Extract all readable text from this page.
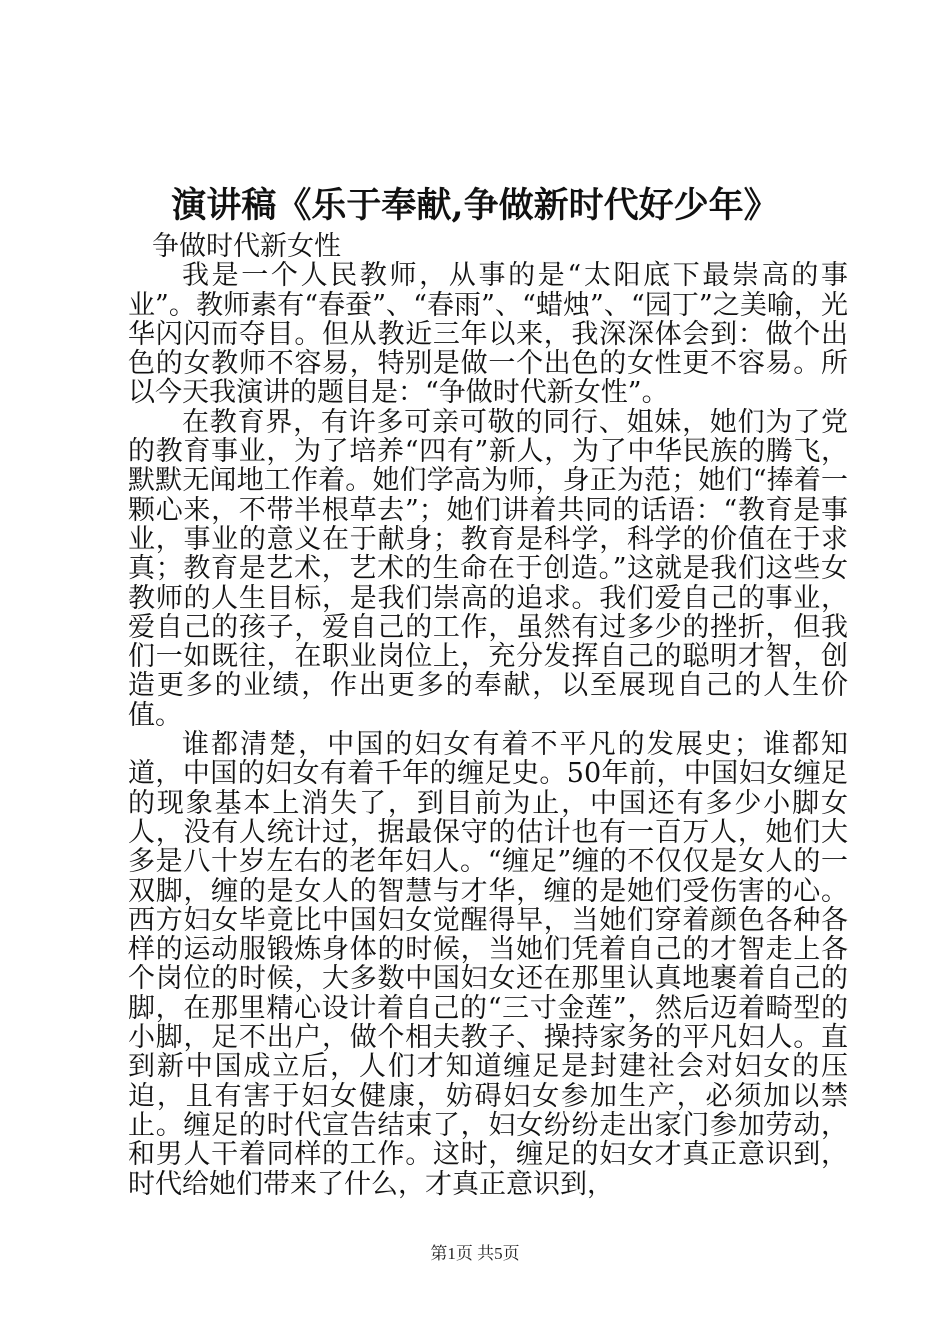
演讲稿《乐于奉献,争做新时代好少年》

争做时代新女性

我是一个人民教师，从事的是“太阳底下最崇高的事业”。教师素有“春蚕”、“春雨”、“蜡烛”、“园丁”之美喻，光华闪闪而夺目。但从教近三年以来，我深深体会到：做个出色的女教师不容易，特别是做一个出色的女性更不容易。所以今天我演讲的题目是：“争做时代新女性”。

在教育界，有许多可亲可敬的同行、姐妹，她们为了党的教育事业，为了培养“四有”新人，为了中华民族的腾飞，默默无闻地工作着。她们学高为师，身正为范；她们“捧着一颗心来，不带半根草去”；她们讲着共同的话语：“教育是事业，事业的意义在于献身；教育是科学，科学的价值在于求真；教育是艺术，艺术的生命在于创造。”这就是我们这些女教师的人生目标，是我们崇高的追求。我们爱自己的事业，爱自己的孩子，爱自己的工作，虽然有过多少的挫折，但我们一如既往，在职业岗位上，充分发挥自己的聪明才智，创造更多的业绩，作出更多的奉献，以至展现自己的人生价值。

谁都清楚，中国的妇女有着不平凡的发展史；谁都知道，中国的妇女有着千年的缠足史。50年前，中国妇女缠足的现象基本上消失了，到目前为止，中国还有多少小脚女人，没有人统计过，据最保守的估计也有一百万人，她们大多是八十岁左右的老年妇人。“缠足”缠的不仅仅是女人的一双脚，缠的是女人的智慧与才华，缠的是她们受伤害的心。西方妇女毕竟比中国妇女觉醒得早，当她们穿着颜色各种各样的运动服锻炼身体的时候，当她们凭着自己的才智走上各个岗位的时候，大多数中国妇女还在那里认真地裹着自己的脚，在那里精心设计着自己的“三寸金莲”，然后迈着畸型的小脚，足不出户，做个相夫教子、操持家务的平凡妇人。直到新中国成立后，人们才知道缠足是封建社会对妇女的压迫，且有害于妇女健康，妨碍妇女参加生产，必须加以禁止。缠足的时代宣告结束了，妇女纷纷走出家门参加劳动，和男人干着同样的工作。这时，缠足的妇女才真正意识到，时代给她们带来了什么，才真正意识到，

第1页 共5页
